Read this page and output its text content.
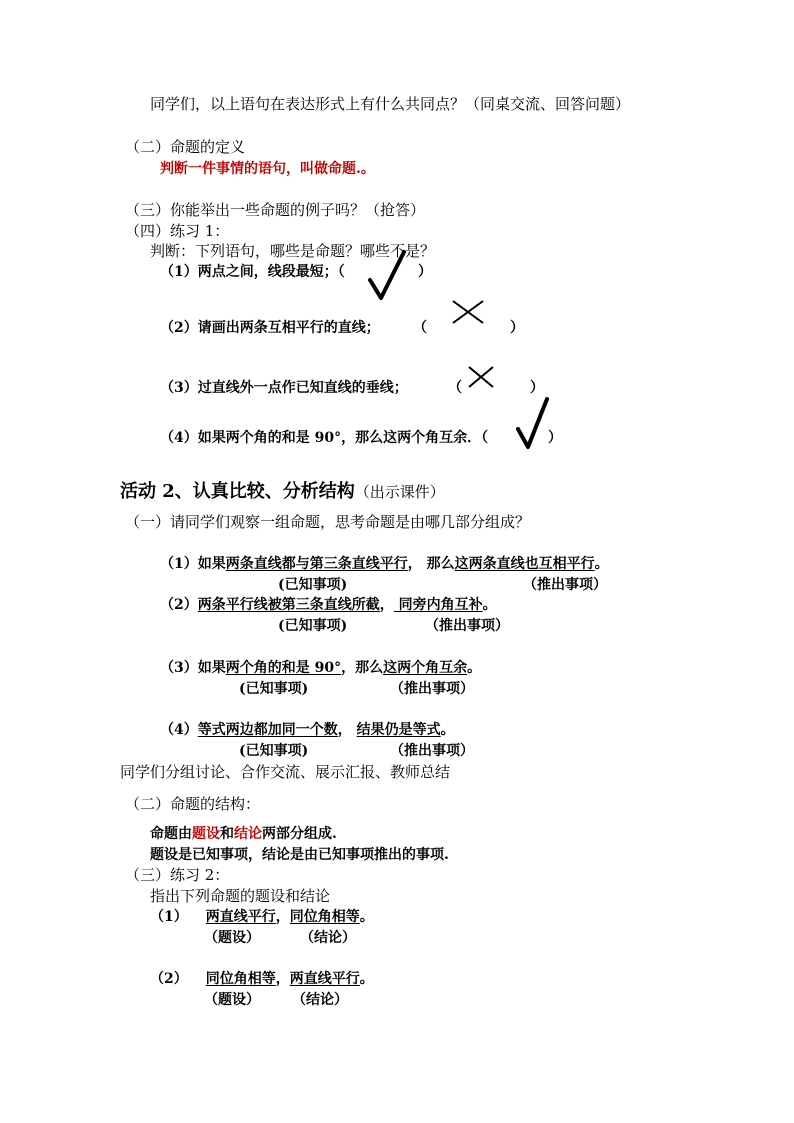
同学们，以上语句在表达形式上有什么共同点？（同桌交流、回答问题）
（二）命题的定义
判断一件事情的语句，叫做命题.。
（三）你能举出一些命题的例子吗？（抢答）
（四）练习 1：
判断：下列语句，哪些是命题？哪些不是？
（1）两点之间，线段最短；（	）
（2）请画出两条互相平行的直线； （	）
（3）过直线外一点作已知直线的垂线；	（	）
（4）如果两个角的和是 90°，那么这两个角互余．（	）
活动 2、认真比较、分析结构（出示课件）
（一）请同学们观察一组命题，思考命题是由哪几部分组成？
（1）如果两条直线都与第三条直线平行， 那么这两条直线也互相平行。
(已知事项)	（推出事项）
（2）两条平行线被第三条直线所截， 同旁内角互补。
(已知事项)	（推出事项）
（3）如果两个角的和是 90°，那么这两个角互余。
(已知事项)	（推出事项）
（4）等式两边都加同一个数， 结果仍是等式。
(已知事项)	（推出事项）
同学们分组讨论、合作交流、展示汇报、教师总结
（二）命题的结构：
命题由题设和结论两部分组成.
题设是已知事项，结论是由已知事项推出的事项.
（三）练习 2：
指出下列命题的题设和结论
（1） 两直线平行，同位角相等。
（题设）	（结论）
（2） 同位角相等，两直线平行。
（题设） （结论）
